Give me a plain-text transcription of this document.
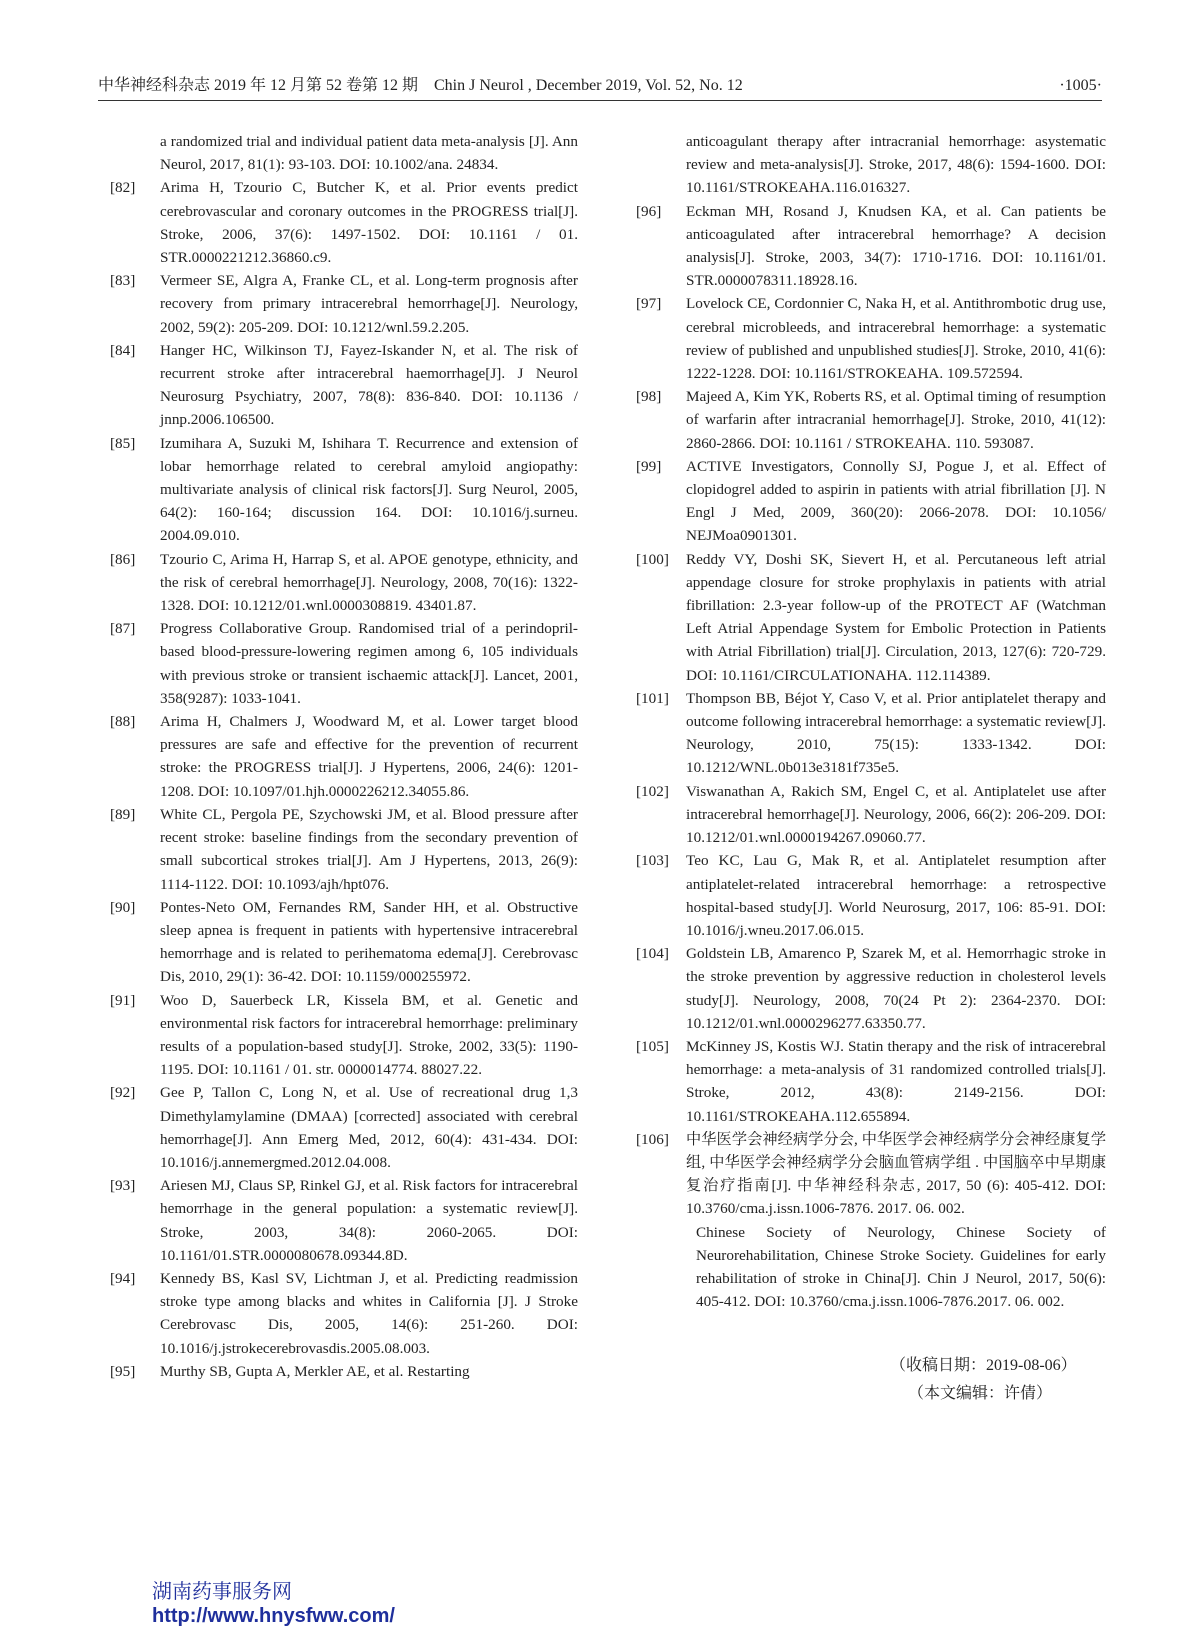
中华神经科杂志 2019 年 12 月第 52 卷第 12 期　Chin J Neurol , December 2019, Vol. 52, No. 12	·1005·
a randomized trial and individual patient data meta-analysis [J]. Ann Neurol, 2017, 81(1): 93-103. DOI: 10.1002/ana. 24834.
[82]	Arima H, Tzourio C, Butcher K, et al. Prior events predict cerebrovascular and coronary outcomes in the PROGRESS trial[J]. Stroke, 2006, 37(6): 1497-1502. DOI: 10.1161 / 01. STR.0000221212.36860.c9.
[83]	Vermeer SE, Algra A, Franke CL, et al. Long-term prognosis after recovery from primary intracerebral hemorrhage[J]. Neurology, 2002, 59(2): 205-209. DOI: 10.1212/wnl.59.2.205.
[84]	Hanger HC, Wilkinson TJ, Fayez-Iskander N, et al. The risk of recurrent stroke after intracerebral haemorrhage[J]. J Neurol Neurosurg Psychiatry, 2007, 78(8): 836-840. DOI: 10.1136 / jnnp.2006.106500.
[85]	Izumihara A, Suzuki M, Ishihara T. Recurrence and extension of lobar hemorrhage related to cerebral amyloid angiopathy: multivariate analysis of clinical risk factors[J]. Surg Neurol, 2005, 64(2): 160-164; discussion 164. DOI: 10.1016/j.surneu. 2004.09.010.
[86]	Tzourio C, Arima H, Harrap S, et al. APOE genotype, ethnicity, and the risk of cerebral hemorrhage[J]. Neurology, 2008, 70(16): 1322-1328. DOI: 10.1212/01.wnl.0000308819. 43401.87.
[87]	Progress Collaborative Group. Randomised trial of a perindopril-based blood-pressure-lowering regimen among 6, 105 individuals with previous stroke or transient ischaemic attack[J]. Lancet, 2001, 358(9287): 1033-1041.
[88]	Arima H, Chalmers J, Woodward M, et al. Lower target blood pressures are safe and effective for the prevention of recurrent stroke: the PROGRESS trial[J]. J Hypertens, 2006, 24(6): 1201-1208. DOI: 10.1097/01.hjh.0000226212.34055.86.
[89]	White CL, Pergola PE, Szychowski JM, et al. Blood pressure after recent stroke: baseline findings from the secondary prevention of small subcortical strokes trial[J]. Am J Hypertens, 2013, 26(9): 1114-1122. DOI: 10.1093/ajh/hpt076.
[90]	Pontes-Neto OM, Fernandes RM, Sander HH, et al. Obstructive sleep apnea is frequent in patients with hypertensive intracerebral hemorrhage and is related to perihematoma edema[J]. Cerebrovasc Dis, 2010, 29(1): 36-42. DOI: 10.1159/000255972.
[91]	Woo D, Sauerbeck LR, Kissela BM, et al. Genetic and environmental risk factors for intracerebral hemorrhage: preliminary results of a population-based study[J]. Stroke, 2002, 33(5): 1190-1195. DOI: 10.1161 / 01. str. 0000014774. 88027.22.
[92]	Gee P, Tallon C, Long N, et al. Use of recreational drug 1,3 Dimethylamylamine (DMAA) [corrected] associated with cerebral hemorrhage[J]. Ann Emerg Med, 2012, 60(4): 431-434. DOI: 10.1016/j.annemergmed.2012.04.008.
[93]	Ariesen MJ, Claus SP, Rinkel GJ, et al. Risk factors for intracerebral hemorrhage in the general population: a systematic review[J]. Stroke, 2003, 34(8): 2060-2065. DOI: 10.1161/01.STR.0000080678.09344.8D.
[94]	Kennedy BS, Kasl SV, Lichtman J, et al. Predicting readmission stroke type among blacks and whites in California [J]. J Stroke Cerebrovasc Dis, 2005, 14(6): 251-260. DOI: 10.1016/j.jstrokecerebrovasdis.2005.08.003.
[95]	Murthy SB, Gupta A, Merkler AE, et al. Restarting
anticoagulant therapy after intracranial hemorrhage: asystematic review and meta-analysis[J]. Stroke, 2017, 48(6): 1594-1600. DOI: 10.1161/STROKEAHA.116.016327.
[96]	Eckman MH, Rosand J, Knudsen KA, et al. Can patients be anticoagulated after intracerebral hemorrhage? A decision analysis[J]. Stroke, 2003, 34(7): 1710-1716. DOI: 10.1161/01. STR.0000078311.18928.16.
[97]	Lovelock CE, Cordonnier C, Naka H, et al. Antithrombotic drug use, cerebral microbleeds, and intracerebral hemorrhage: a systematic review of published and unpublished studies[J]. Stroke, 2010, 41(6): 1222-1228. DOI: 10.1161/STROKEAHA. 109.572594.
[98]	Majeed A, Kim YK, Roberts RS, et al. Optimal timing of resumption of warfarin after intracranial hemorrhage[J]. Stroke, 2010, 41(12): 2860-2866. DOI: 10.1161 / STROKEAHA. 110. 593087.
[99]	ACTIVE Investigators, Connolly SJ, Pogue J, et al. Effect of clopidogrel added to aspirin in patients with atrial fibrillation [J]. N Engl J Med, 2009, 360(20): 2066-2078. DOI: 10.1056/ NEJMoa0901301.
[100]	Reddy VY, Doshi SK, Sievert H, et al. Percutaneous left atrial appendage closure for stroke prophylaxis in patients with atrial fibrillation: 2.3-year follow-up of the PROTECT AF (Watchman Left Atrial Appendage System for Embolic Protection in Patients with Atrial Fibrillation) trial[J]. Circulation, 2013, 127(6): 720-729. DOI: 10.1161/CIRCULATIONAHA. 112.114389.
[101]	Thompson BB, Béjot Y, Caso V, et al. Prior antiplatelet therapy and outcome following intracerebral hemorrhage: a systematic review[J]. Neurology, 2010, 75(15): 1333-1342. DOI: 10.1212/WNL.0b013e3181f735e5.
[102]	Viswanathan A, Rakich SM, Engel C, et al. Antiplatelet use after intracerebral hemorrhage[J]. Neurology, 2006, 66(2): 206-209. DOI: 10.1212/01.wnl.0000194267.09060.77.
[103]	Teo KC, Lau G, Mak R, et al. Antiplatelet resumption after antiplatelet-related intracerebral hemorrhage: a retrospective hospital-based study[J]. World Neurosurg, 2017, 106: 85-91. DOI: 10.1016/j.wneu.2017.06.015.
[104]	Goldstein LB, Amarenco P, Szarek M, et al. Hemorrhagic stroke in the stroke prevention by aggressive reduction in cholesterol levels study[J]. Neurology, 2008, 70(24 Pt 2): 2364-2370. DOI: 10.1212/01.wnl.0000296277.63350.77.
[105]	McKinney JS, Kostis WJ. Statin therapy and the risk of intracerebral hemorrhage: a meta-analysis of 31 randomized controlled trials[J]. Stroke, 2012, 43(8): 2149-2156. DOI: 10.1161/STROKEAHA.112.655894.
[106]	中华医学会神经病学分会, 中华医学会神经病学分会神经康复学组, 中华医学会神经病学分会脑血管病学组 . 中国脑卒中早期康复治疗指南[J]. 中华神经科杂志, 2017, 50 (6): 405-412. DOI: 10.3760/cma.j.issn.1006-7876. 2017. 06. 002.
Chinese Society of Neurology, Chinese Society of Neurorehabilitation, Chinese Stroke Society. Guidelines for early rehabilitation of stroke in China[J]. Chin J Neurol, 2017, 50(6): 405-412. DOI: 10.3760/cma.j.issn.1006-7876.2017. 06. 002.
（收稿日期：2019-08-06）
（本文编辑：许倩）
湖南药事服务网
http://www.hnysfww.com/
